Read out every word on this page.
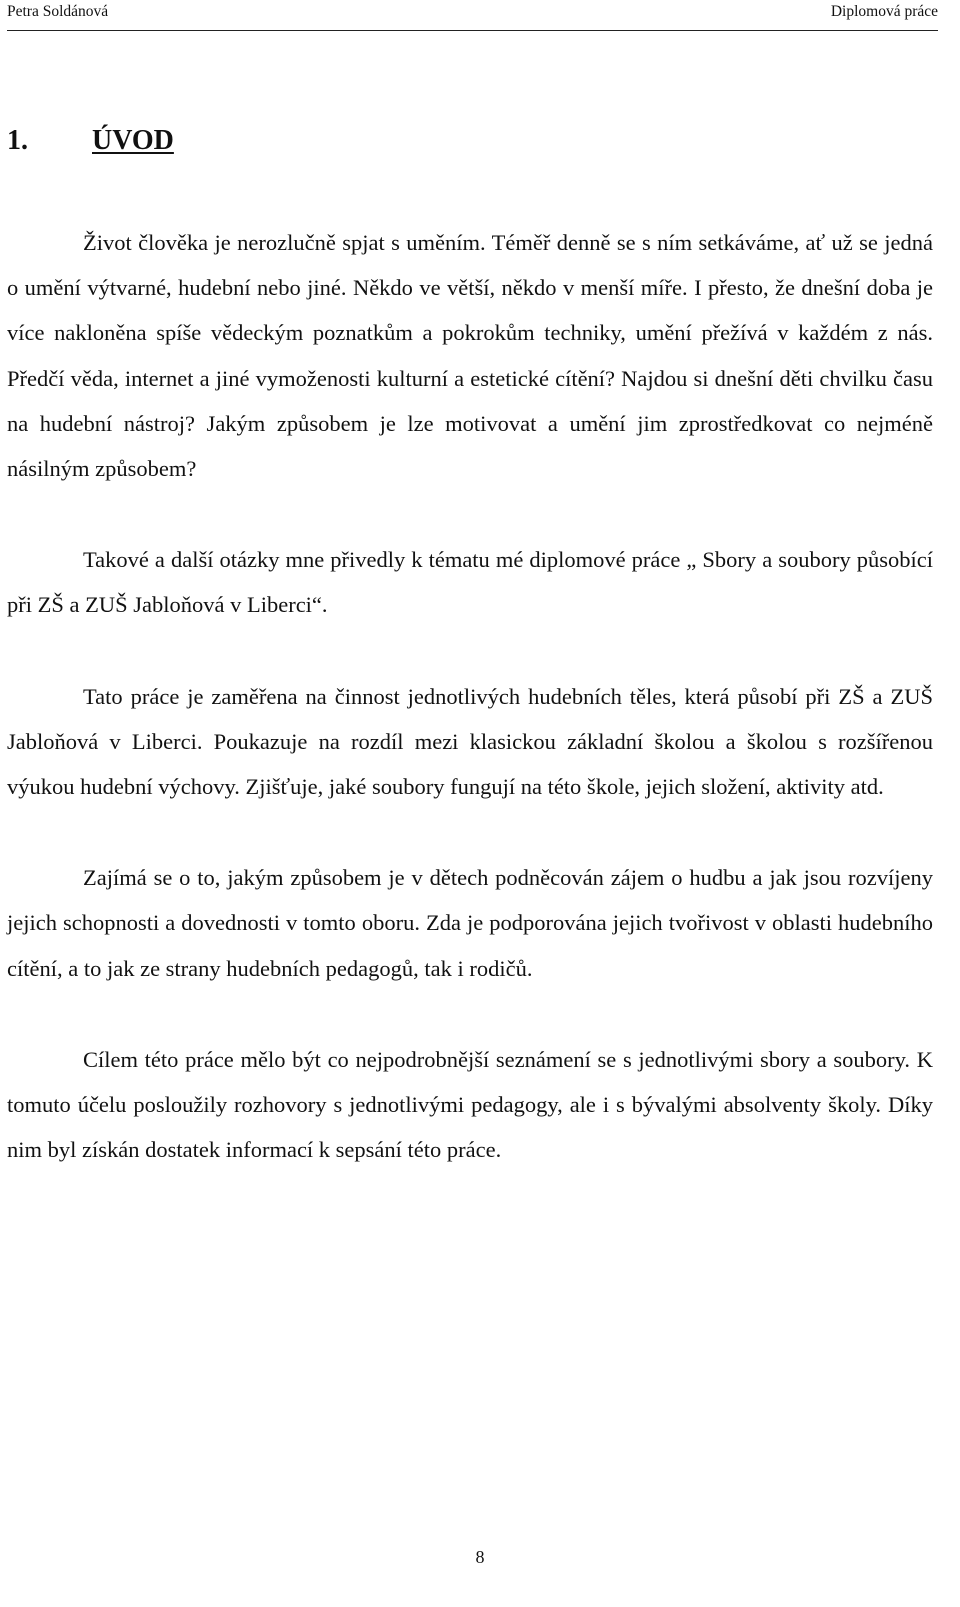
Petra Soldánová	Diplomová práce
1. ÚVOD

Život člověka je nerozlučně spjat s uměním. Téměř denně se s ním setkáváme, ať už se jedná o umění výtvarné, hudební nebo jiné. Někdo ve větší, někdo v menší míře. I přesto, že dnešní doba je více nakloněna spíše vědeckým poznatkům a pokrokům techniky, umění přežívá v každém z nás. Předčí věda, internet a jiné vymoženosti kulturní a estetické cítění? Najdou si dnešní děti chvilku času na hudební nástroj? Jakým způsobem je lze motivovat a umění jim zprostředkovat co nejméně násilným způsobem?

Takové a další otázky mne přivedly k tématu mé diplomové práce „ Sbory a soubory působící při ZŠ a ZUŠ Jabloňová v Liberci“.

Tato práce je zaměřena na činnost jednotlivých hudebních těles, která působí při ZŠ a ZUŠ Jabloňová v Liberci. Poukazuje na rozdíl mezi klasickou základní školou a školou s rozšířenou výukou hudební výchovy. Zjišťuje, jaké soubory fungují na této škole, jejich složení, aktivity atd.

Zajímá se o to, jakým způsobem je v dětech podněcován zájem o hudbu a jak jsou rozvíjeny jejich schopnosti a dovednosti v tomto oboru. Zda je podporována jejich tvořivost v oblasti hudebního cítění, a to jak ze strany hudebních pedagogů, tak i rodičů.

Cílem této práce mělo být co nejpodrobnější seznámení se s jednotlivými sbory a soubory. K tomuto účelu posloužily rozhovory s jednotlivými pedagogy, ale i s bývalými absolventy školy. Díky nim byl získán dostatek informací k sepsání této práce.

8
